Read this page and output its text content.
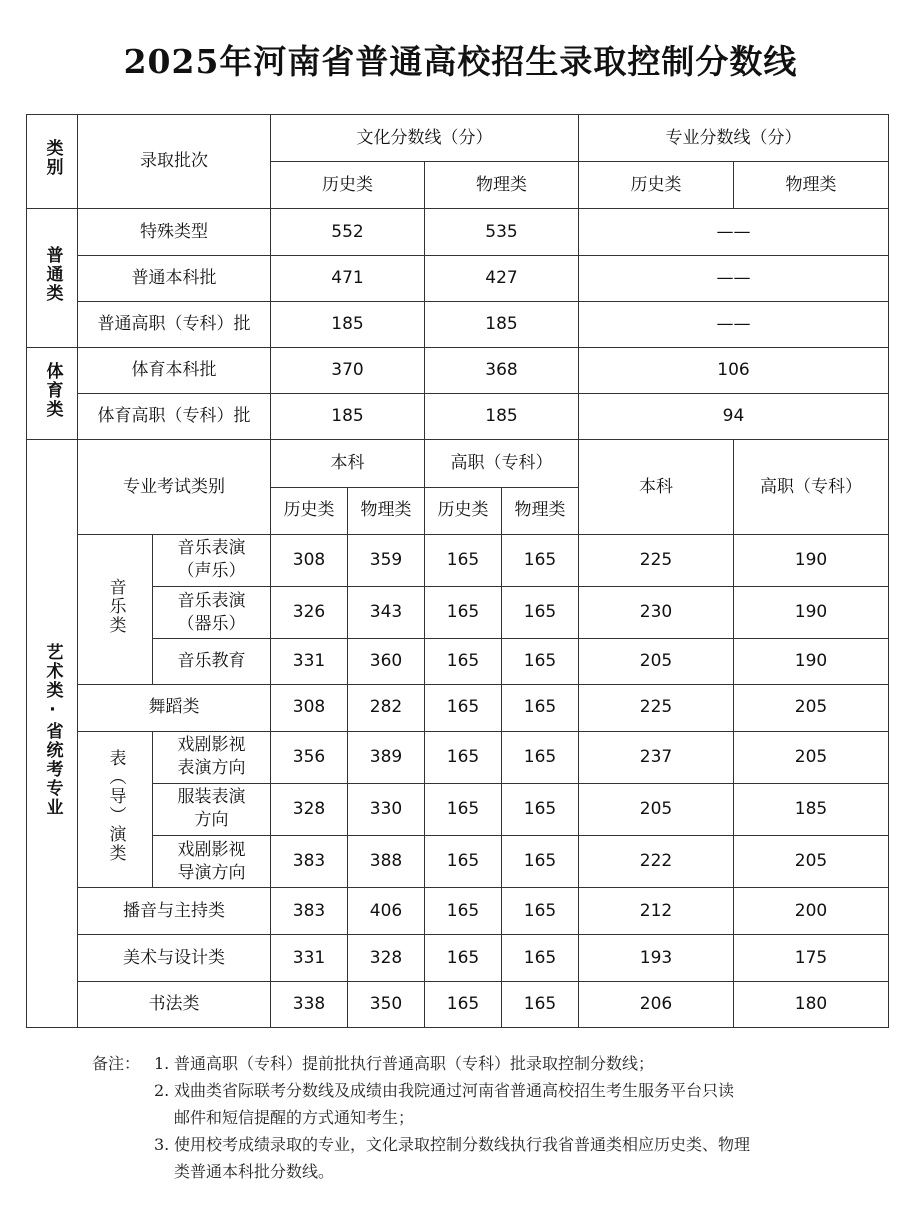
2025年河南省普通高校招生录取控制分数线
类别	录取批次		文化分数线（分）				专业分数线（分）	
			历史类		物理类		历史类	物理类
普通类	特殊类型		552		535		——	
	普通本科批		471		427		——	
	普通高职（专科）批		185		185		——	
体育类	体育本科批		370		368		106	
	体育高职（专科）批		185		185		94	
艺术类·省统考专业	专业考试类别		本科		高职（专科）		本科	高职（专科）
			历史类	物理类	历史类	物理类		
	音乐类	音乐表演
（声乐）	308	359	165	165	225	190

		音乐表演
（器乐）	326	343	165	165	230	190
		音乐教育	331	360	165	165	205	190
	舞蹈类		308	282	165	165	225	205
	表（导）演类	戏剧影视
表演方向	356	389	165	165	237	205

		服装表演
方向	328	330	165	165	205	185

		戏剧影视
导演方向	383	388	165	165	222	205
	播音与主持类		383	406	165	165	212	200
	美术与设计类		331	328	165	165	193	175
	书法类		338	350	165	165	206	180
备注： 1. 普通高职（专科）提前批执行普通高职（专科）批录取控制分数线；
2. 戏曲类省际联考分数线及成绩由我院通过河南省普通高校招生考生服务平台只读
邮件和短信提醒的方式通知考生；
3. 使用校考成绩录取的专业，文化录取控制分数线执行我省普通类相应历史类、物理
类普通本科批分数线。
